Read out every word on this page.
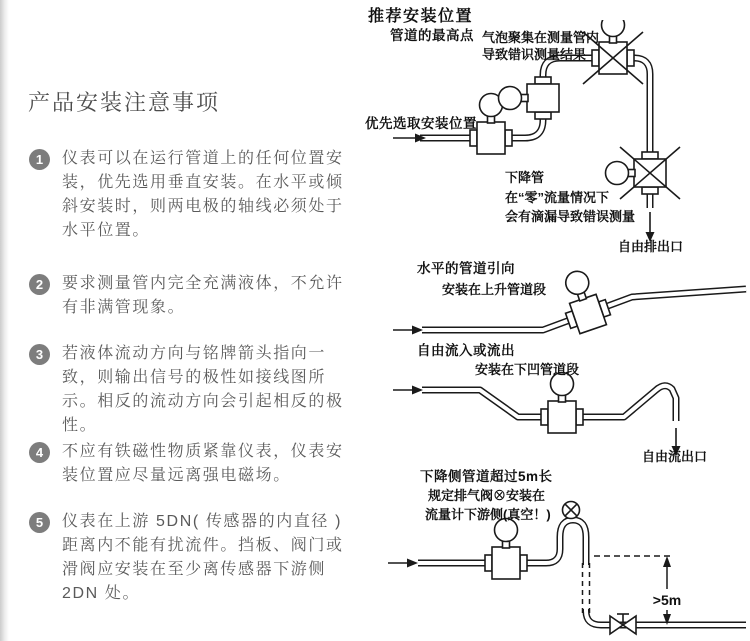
产品安装注意事项
1	仪表可以在运行管道上的任何位置安装，优先选用垂直安装。在水平或倾斜安装时，则两电极的轴线必须处于水平位置。
2	要求测量管内完全充满液体，不允许有非满管现象。
3	若液体流动方向与铭牌箭头指向一致，则输出信号的极性如接线图所示。相反的流动方向会引起相反的极性。
4	不应有铁磁性物质紧靠仪表，仪表安装位置应尽量远离强电磁场。
5	仪表在上游 5DN( 传感器的内直径 ) 距离内不能有扰流件。挡板、阀门或滑阀应安装在至少离传感器下游侧 2DN 处。
推荐安装位置
管道的最高点 气泡聚集在测量管内
导致错识测量结果
优先选取安装位置
下降管
在“零”流量情况下
会有滴漏导致错误测量
自由排出口
水平的管道引向
安装在上升管道段
自由流入或流出
安装在下凹管道段
自由流出口
>5m
下降侧管道超过5m长
规定排气阀⊗安装在
流量计下游侧(真空！)
